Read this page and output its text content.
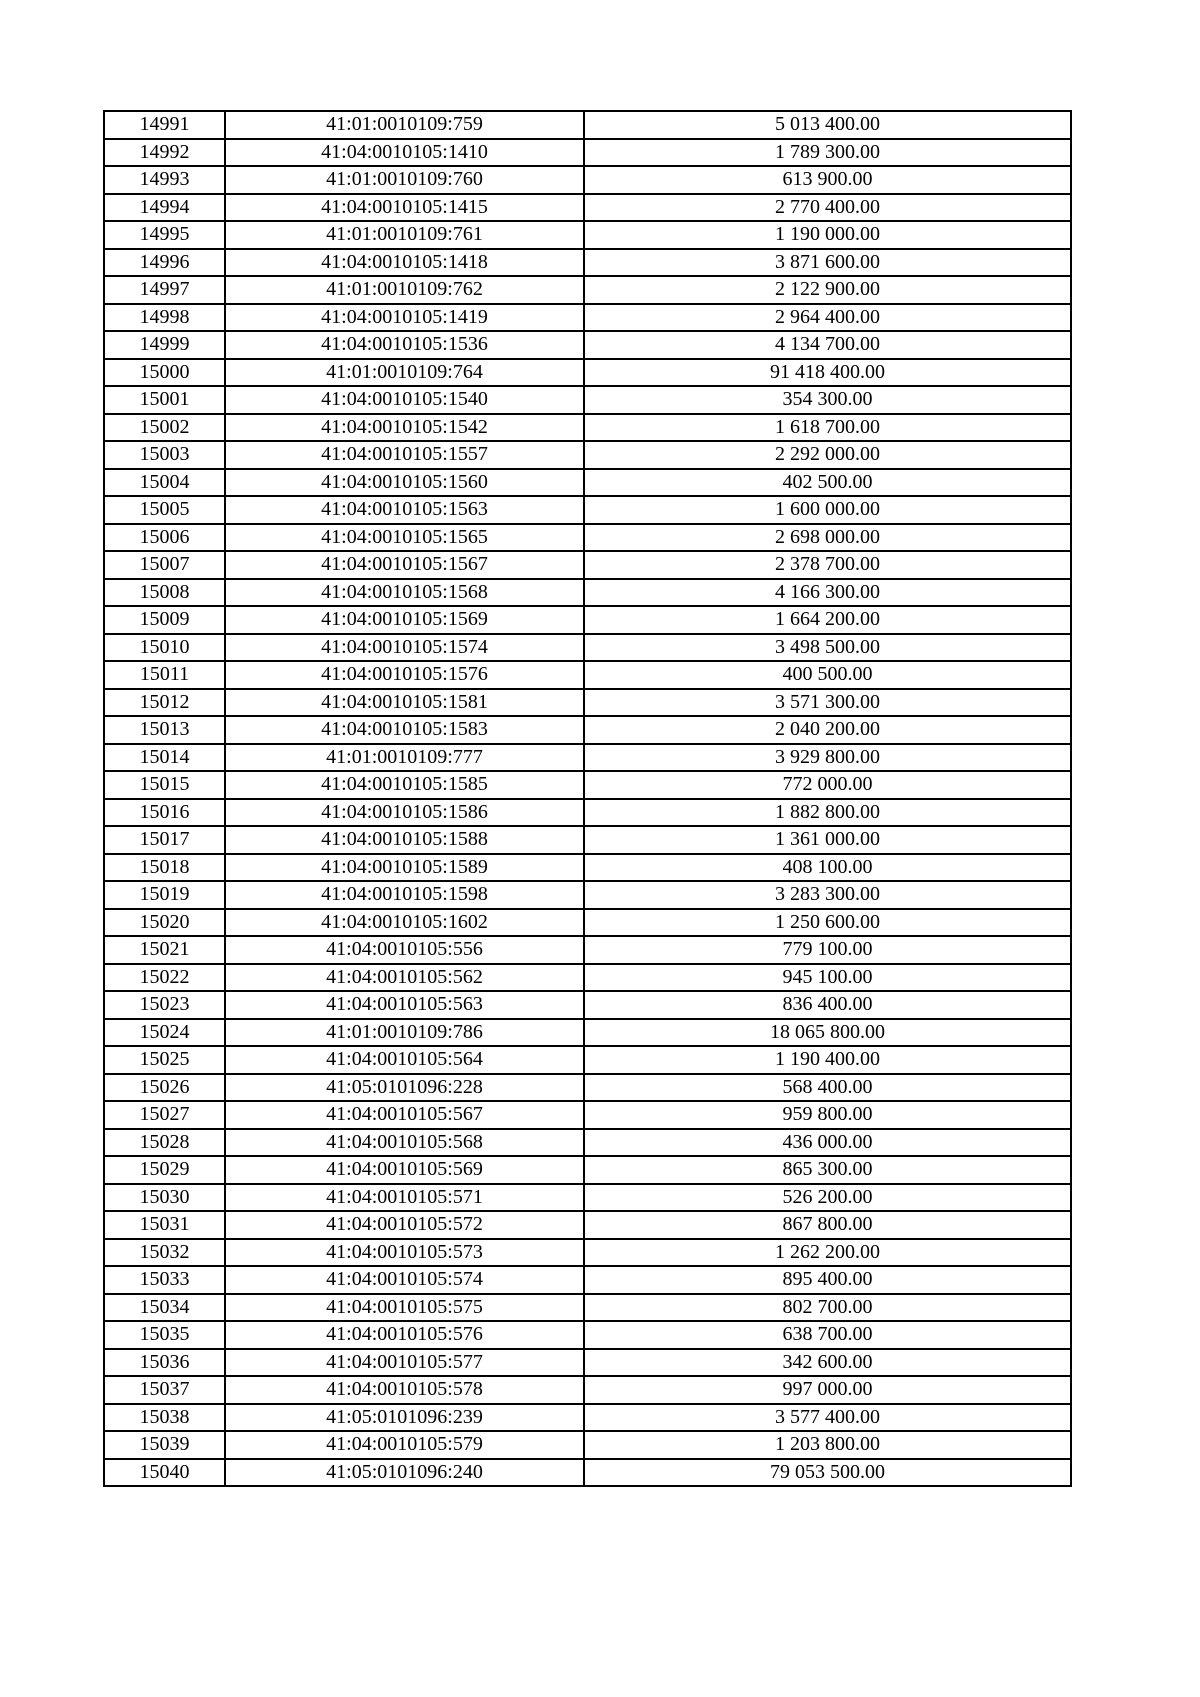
14991	41:01:0010109:759	5 013 400.00
14992	41:04:0010105:1410	1 789 300.00
14993	41:01:0010109:760	613 900.00
14994	41:04:0010105:1415	2 770 400.00
14995	41:01:0010109:761	1 190 000.00
14996	41:04:0010105:1418	3 871 600.00
14997	41:01:0010109:762	2 122 900.00
14998	41:04:0010105:1419	2 964 400.00
14999	41:04:0010105:1536	4 134 700.00
15000	41:01:0010109:764	91 418 400.00
15001	41:04:0010105:1540	354 300.00
15002	41:04:0010105:1542	1 618 700.00
15003	41:04:0010105:1557	2 292 000.00
15004	41:04:0010105:1560	402 500.00
15005	41:04:0010105:1563	1 600 000.00
15006	41:04:0010105:1565	2 698 000.00
15007	41:04:0010105:1567	2 378 700.00
15008	41:04:0010105:1568	4 166 300.00
15009	41:04:0010105:1569	1 664 200.00
15010	41:04:0010105:1574	3 498 500.00
15011	41:04:0010105:1576	400 500.00
15012	41:04:0010105:1581	3 571 300.00
15013	41:04:0010105:1583	2 040 200.00
15014	41:01:0010109:777	3 929 800.00
15015	41:04:0010105:1585	772 000.00
15016	41:04:0010105:1586	1 882 800.00
15017	41:04:0010105:1588	1 361 000.00
15018	41:04:0010105:1589	408 100.00
15019	41:04:0010105:1598	3 283 300.00
15020	41:04:0010105:1602	1 250 600.00
15021	41:04:0010105:556	779 100.00
15022	41:04:0010105:562	945 100.00
15023	41:04:0010105:563	836 400.00
15024	41:01:0010109:786	18 065 800.00
15025	41:04:0010105:564	1 190 400.00
15026	41:05:0101096:228	568 400.00
15027	41:04:0010105:567	959 800.00
15028	41:04:0010105:568	436 000.00
15029	41:04:0010105:569	865 300.00
15030	41:04:0010105:571	526 200.00
15031	41:04:0010105:572	867 800.00
15032	41:04:0010105:573	1 262 200.00
15033	41:04:0010105:574	895 400.00
15034	41:04:0010105:575	802 700.00
15035	41:04:0010105:576	638 700.00
15036	41:04:0010105:577	342 600.00
15037	41:04:0010105:578	997 000.00
15038	41:05:0101096:239	3 577 400.00
15039	41:04:0010105:579	1 203 800.00
15040	41:05:0101096:240	79 053 500.00
